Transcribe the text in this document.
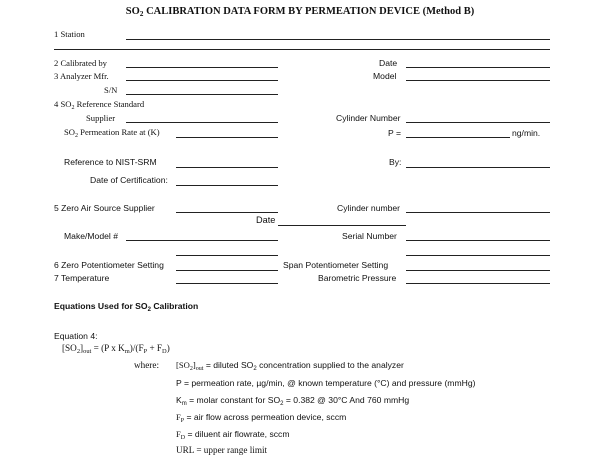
$SO_2$ CALIBRATION DATA FORM BY PERMEATION DEVICE (Method B)
1 Station
2 Calibrated by	Date
3 Analyzer Mfr.	Model
S/N
4 $SO_2$ Reference Standard
Supplier	Cylinder Number
$SO_2$ Permeation Rate at (K)	P =	ng/min.
Reference to NIST-SRM	By:
Date of Certification:
5 Zero Air Source Supplier	Cylinder number
Date
Make/Model #	Serial Number
6 Zero Potentiometer Setting	Span Potentiometer Setting
7 Temperature	Barometric Pressure
Equations Used for $SO_2$ Calibration
Equation 4:
$[SO_2]_{out} = (P$ x $K_m)/(F_P + F_D)$
where: $[SO_2]_{out}$ = diluted $SO_2$ concentration supplied to the analyzer
P = permeation rate, µg/min, @ known temperature (°C) and pressure (mmHg)
$K_m$ = molar constant for $SO_2 = 0.382$ @ 30°C And 760 mmHg
$F_P$ = air flow across permeation device, sccm
$F_D$ = diluent air flowrate, sccm
URL = upper range limit
